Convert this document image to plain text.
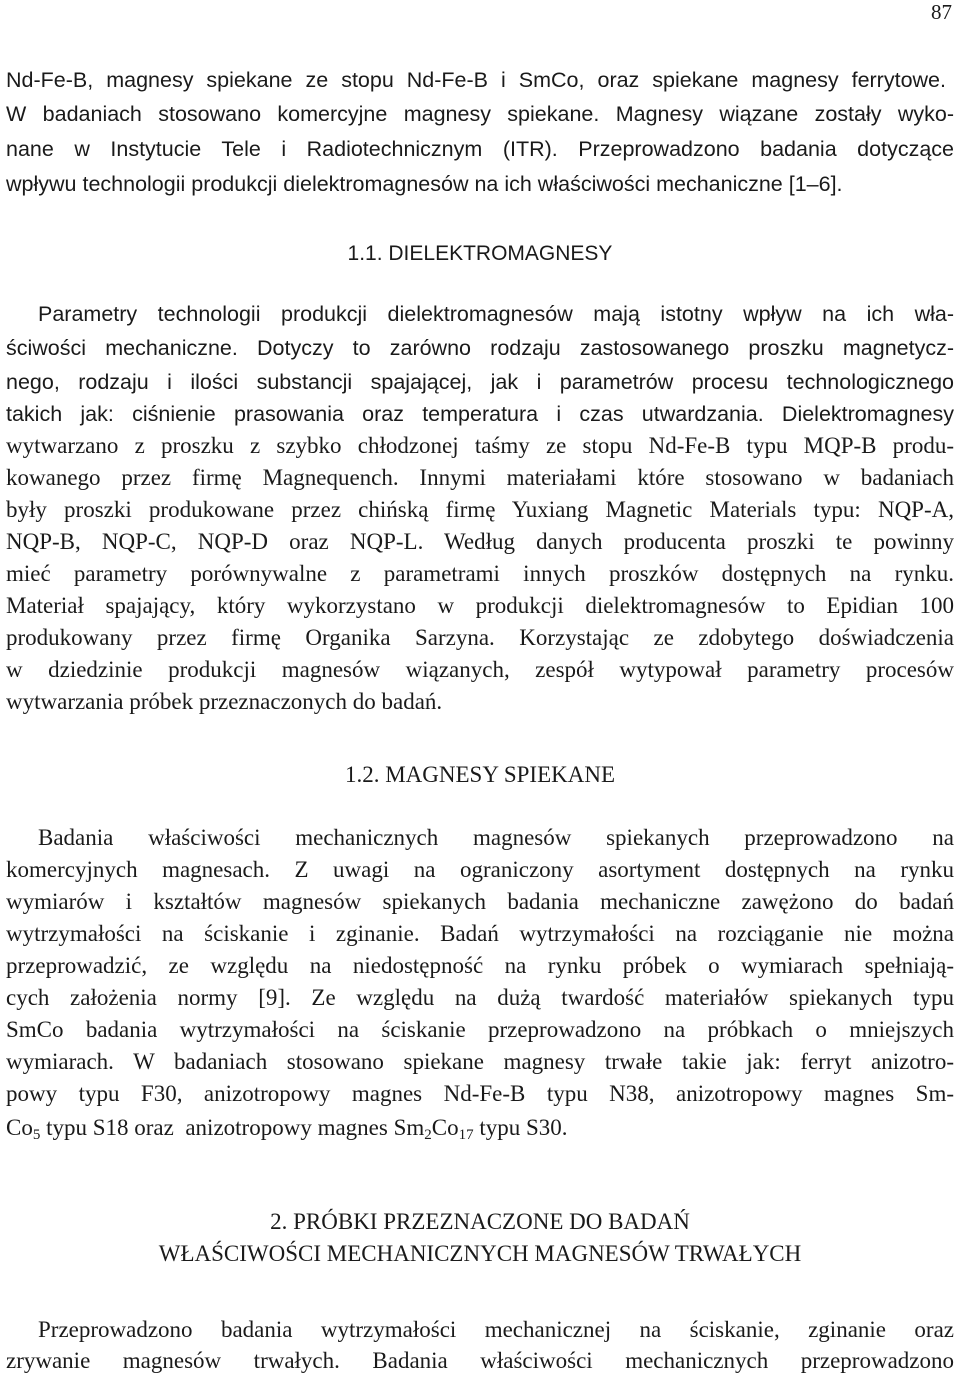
87
Nd-Fe-B, magnesy spiekane ze stopu Nd-Fe-B i SmCo, oraz spiekane magnesy ferrytowe.
W badaniach stosowano komercyjne magnesy spiekane. Magnesy wiązane zostały wyko-
nane w Instytucie Tele i Radiotechnicznym (ITR). Przeprowadzono badania dotyczące
wpływu technologii produkcji dielektromagnesów na ich właściwości mechaniczne [1–6].
1.1. DIELEKTROMAGNESY
Parametry technologii produkcji dielektromagnesów mają istotny wpływ na ich wła-
ściwości mechaniczne. Dotyczy to zarówno rodzaju zastosowanego proszku magnetycz-
nego, rodzaju i ilości substancji spajającej, jak i parametrów procesu technologicznego
takich jak: ciśnienie prasowania oraz temperatura i czas utwardzania. Dielektromagnesy
wytwarzano z proszku z szybko chłodzonej taśmy ze stopu Nd-Fe-B typu MQP-B produ-
kowanego przez firmę Magnequench. Innymi materiałami które stosowano w badaniach
były proszki produkowane przez chińską firmę Yuxiang Magnetic Materials typu: NQP-A,
NQP-B, NQP-C, NQP-D oraz NQP-L. Według danych producenta proszki te powinny
mieć parametry porównywalne z parametrami innych proszków dostępnych na rynku.
Materiał spajający, który wykorzystano w produkcji dielektromagnesów to Epidian 100
produkowany przez firmę Organika Sarzyna. Korzystając ze zdobytego doświadczenia
w dziedzinie produkcji magnesów wiązanych, zespół wytypował parametry procesów
wytwarzania próbek przeznaczonych do badań.
1.2. MAGNESY SPIEKANE
Badania właściwości mechanicznych magnesów spiekanych przeprowadzono na
komercyjnych magnesach. Z uwagi na ograniczony asortyment dostępnych na rynku
wymiarów i kształtów magnesów spiekanych badania mechaniczne zawężono do badań
wytrzymałości na ściskanie i zginanie. Badań wytrzymałości na rozciąganie nie można
przeprowadzić, ze względu na niedostępność na rynku próbek o wymiarach spełniają-
cych założenia normy [9]. Ze względu na dużą twardość materiałów spiekanych typu
SmCo badania wytrzymałości na ściskanie przeprowadzono na próbkach o mniejszych
wymiarach. W badaniach stosowano spiekane magnesy trwałe takie jak: ferryt anizotro-
powy typu F30, anizotropowy magnes Nd-Fe-B typu N38, anizotropowy magnes Sm-
$Co_5$ typu S18 oraz  anizotropowy magnes $Sm_2Co_{17}$ typu S30.
2. PRÓBKI PRZEZNACZONE DO BADAŃ
WŁAŚCIWOŚCI MECHANICZNYCH MAGNESÓW TRWAŁYCH
Przeprowadzono badania wytrzymałości mechanicznej na ściskanie, zginanie oraz
zrywanie magnesów trwałych. Badania właściwości mechanicznych przeprowadzono
